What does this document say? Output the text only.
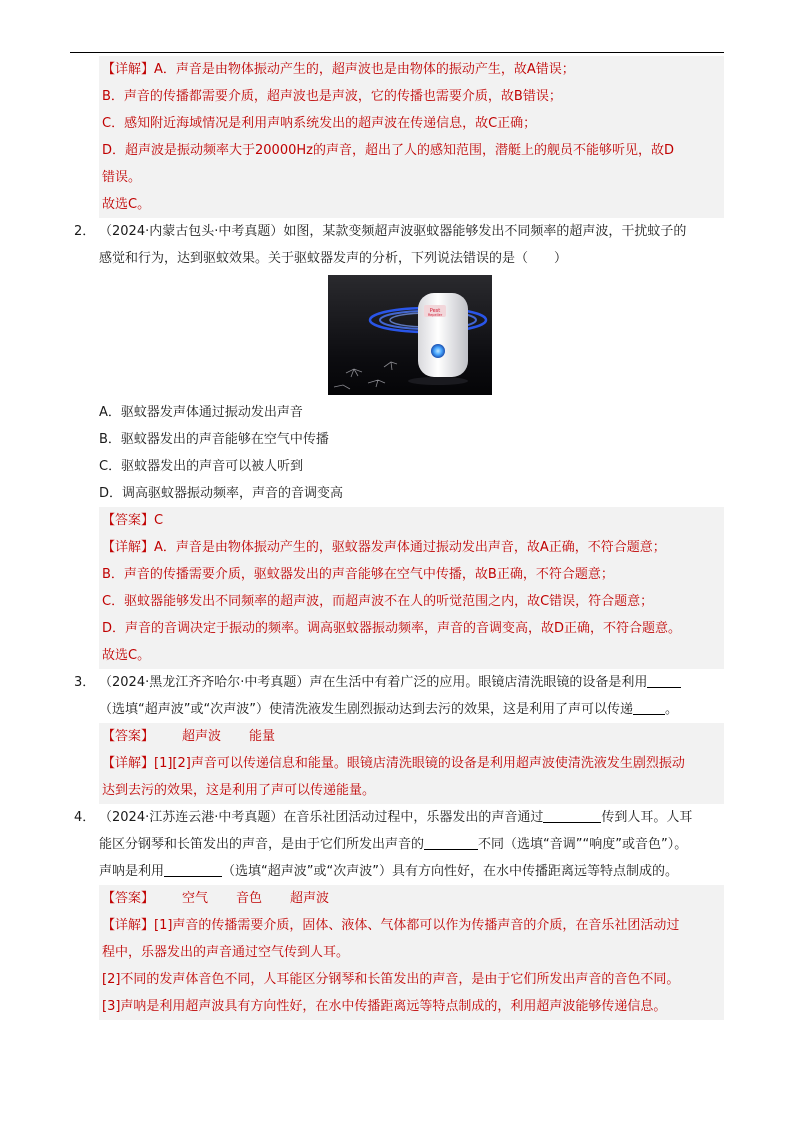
【详解】A．声音是由物体振动产生的，超声波也是由物体的振动产生，故A错误；
B．声音的传播都需要介质，超声波也是声波，它的传播也需要介质，故B错误；
C．感知附近海域情况是利用声呐系统发出的超声波在传递信息，故C正确；
D．超声波是振动频率大于20000Hz的声音，超出了人的感知范围，潜艇上的舰员不能够听见，故D
错误。
故选C。
2． （2024·内蒙古包头·中考真题）如图，某款变频超声波驱蚊器能够发出不同频率的超声波，干扰蚊子的
感觉和行为，达到驱蚊效果。关于驱蚊器发声的分析，下列说法错误的是（　　）
Pest
Repeller
A．驱蚊器发声体通过振动发出声音
B．驱蚊器发出的声音能够在空气中传播
C．驱蚊器发出的声音可以被人听到
D．调高驱蚊器振动频率，声音的音调变高
【答案】C
【详解】A．声音是由物体振动产生的，驱蚊器发声体通过振动发出声音，故A正确，不符合题意；
B．声音的传播需要介质，驱蚊器发出的声音能够在空气中传播，故B正确，不符合题意；
C．驱蚊器能够发出不同频率的超声波，而超声波不在人的听觉范围之内，故C错误，符合题意；
D．声音的音调决定于振动的频率。调高驱蚊器振动频率，声音的音调变高，故D正确，不符合题意。
故选C。
3． （2024·黑龙江齐齐哈尔·中考真题）声在生活中有着广泛的应用。眼镜店清洗眼镜的设备是利用
（选填“超声波”或“次声波”）使清洗液发生剧烈振动达到去污的效果，这是利用了声可以传递 。
【答案】 超声波 能量
【详解】[1][2]声音可以传递信息和能量。眼镜店清洗眼镜的设备是利用超声波使清洗液发生剧烈振动
达到去污的效果，这是利用了声可以传递能量。
4． （2024·江苏连云港·中考真题）在音乐社团活动过程中，乐器发出的声音通过	传到人耳。人耳
能区分钢琴和长笛发出的声音，是由于它们所发出声音的	不同（选填“音调”“响度”或音色”）。
声呐是利用	（选填“超声波”或“次声波”）具有方向性好，在水中传播距离远等特点制成的。
【答案】 空气 音色 超声波
【详解】[1]声音的传播需要介质，固体、液体、气体都可以作为传播声音的介质，在音乐社团活动过
程中，乐器发出的声音通过空气传到人耳。
[2]不同的发声体音色不同，人耳能区分钢琴和长笛发出的声音，是由于它们所发出声音的音色不同。
[3]声呐是利用超声波具有方向性好，在水中传播距离远等特点制成的，利用超声波能够传递信息。
